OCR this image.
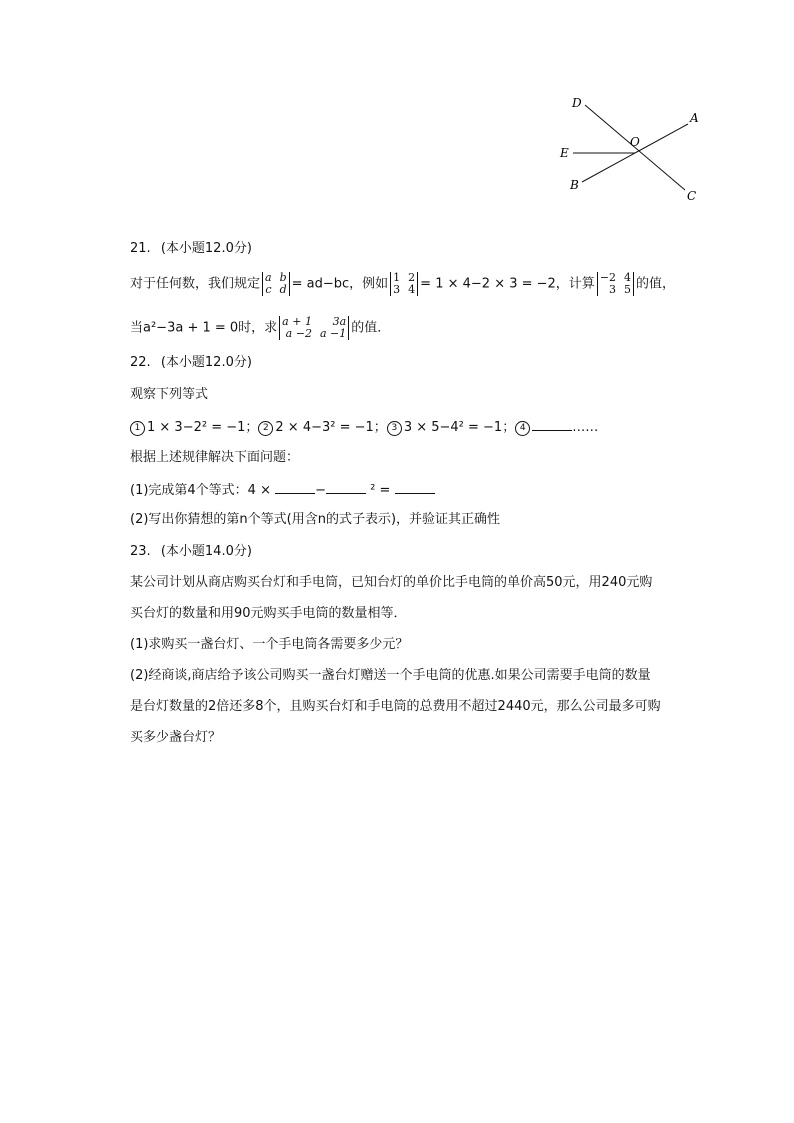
D
A
O
E
B
C
21. (本小题12.0分)
对于任何数，我们规定 a b
c d = ad−bc，例如 1 2
3 4 = 1 × 4−2 × 3 = −2，计算 −2 4
3 5 的值，
当a²−3a + 1 = 0时，求 a + 1	3a
a −2 a −1 的值．
22. (本小题12.0分)
观察下列等式
1 1 × 3−2² = −1； 2 2 × 4−3² = −1； 3 3 × 5−4² = −1； 4	……
根据上述规律解决下面问题：
(1)完成第4个等式：4 ×	−	² =
(2)写出你猜想的第n个等式(用含n的式子表示)，并验证其正确性
23. (本小题14.0分)
某公司计划从商店购买台灯和手电筒，已知台灯的单价比手电筒的单价高50元，用240元购
买台灯的数量和用90元购买手电筒的数量相等．
(1)求购买一盏台灯、一个手电筒各需要多少元？
(2)经商谈,商店给予该公司购买一盏台灯赠送一个手电筒的优惠.如果公司需要手电筒的数量
是台灯数量的2倍还多8个，且购买台灯和手电筒的总费用不超过2440元，那么公司最多可购
买多少盏台灯？
